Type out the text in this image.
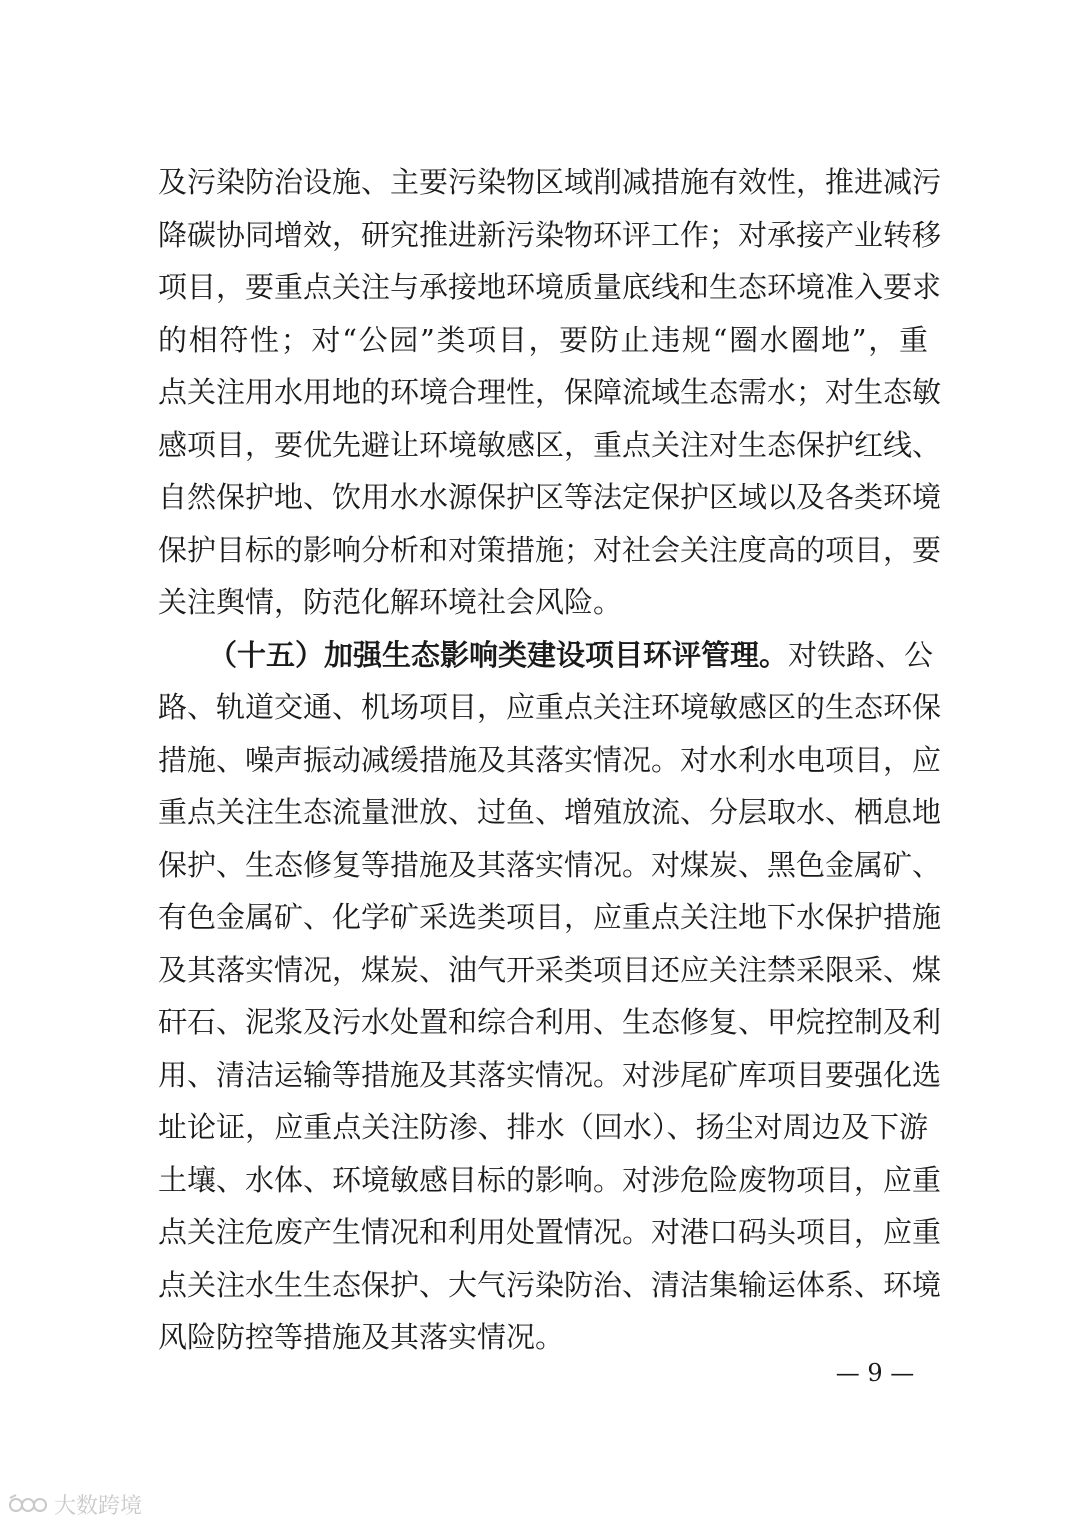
及污染防治设施、主要污染物区域削减措施有效性，推进减污
降碳协同增效，研究推进新污染物环评工作；对承接产业转移
项目，要重点关注与承接地环境质量底线和生态环境准入要求
的相符性；对“公园”类项目，要防止违规“圈水圈地”，重
点关注用水用地的环境合理性，保障流域生态需水；对生态敏
感项目，要优先避让环境敏感区，重点关注对生态保护红线、
自然保护地、饮用水水源保护区等法定保护区域以及各类环境
保护目标的影响分析和对策措施；对社会关注度高的项目，要
关注舆情，防范化解环境社会风险。
（十五）加强生态影响类建设项目环评管理。对铁路、公
路、轨道交通、机场项目，应重点关注环境敏感区的生态环保
措施、噪声振动减缓措施及其落实情况。对水利水电项目，应
重点关注生态流量泄放、过鱼、增殖放流、分层取水、栖息地
保护、生态修复等措施及其落实情况。对煤炭、黑色金属矿、
有色金属矿、化学矿采选类项目，应重点关注地下水保护措施
及其落实情况，煤炭、油气开采类项目还应关注禁采限采、煤
矸石、泥浆及污水处置和综合利用、生态修复、甲烷控制及利
用、清洁运输等措施及其落实情况。对涉尾矿库项目要强化选
址论证，应重点关注防渗、排水（回水）、扬尘对周边及下游
土壤、水体、环境敏感目标的影响。对涉危险废物项目，应重
点关注危废产生情况和利用处置情况。对港口码头项目，应重
点关注水生生态保护、大气污染防治、清洁集输运体系、环境
风险防控等措施及其落实情况。
— 9 —
大数跨境
